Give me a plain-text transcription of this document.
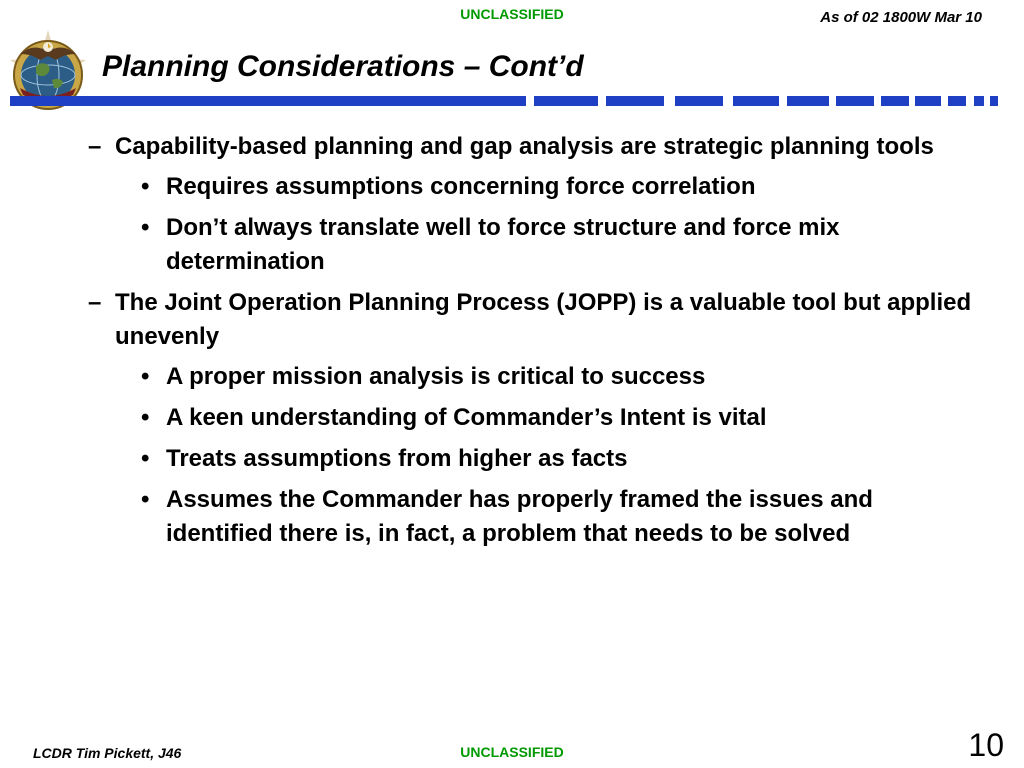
UNCLASSIFIED	As of 02 1800W Mar 10
Planning Considerations – Cont’d
– Capability-based planning and gap analysis are strategic planning tools
• Requires assumptions concerning force correlation
• Don’t always translate well to force structure and force mix determination
– The Joint Operation Planning Process (JOPP) is a valuable tool but applied unevenly
• A proper mission analysis is critical to success
• A keen understanding of Commander’s Intent is vital
• Treats assumptions from higher as facts
• Assumes the Commander has properly framed the issues and identified there is, in fact, a problem that needs to be solved
LCDR Tim Pickett, J46	UNCLASSIFIED	10
